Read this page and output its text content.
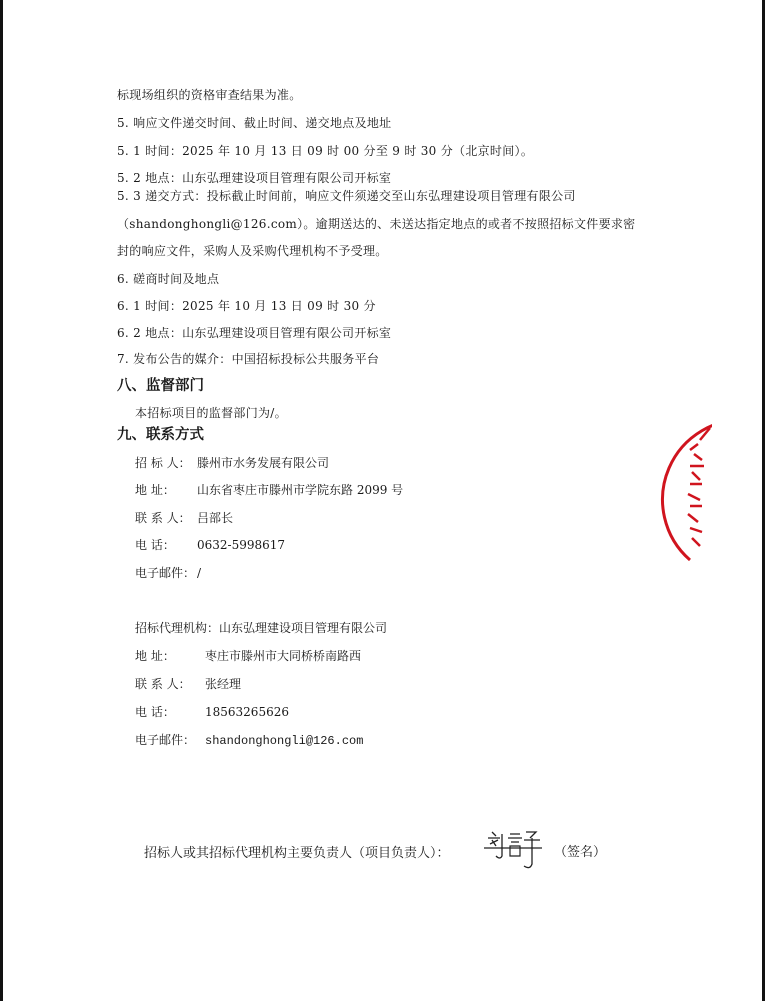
标现场组织的资格审查结果为准。
5. 响应文件递交时间、截止时间、递交地点及地址
5. 1 时间：2025 年 10 月 13 日 09 时 00 分至 9 时 30 分（北京时间）。
5. 2 地点：山东弘理建设项目管理有限公司开标室
5. 3 递交方式：投标截止时间前，响应文件须递交至山东弘理建设项目管理有限公司
（shandonghongli@126.com）。逾期送达的、未送达指定地点的或者不按照招标文件要求密
封的响应文件，采购人及采购代理机构不予受理。
6. 磋商时间及地点
6. 1 时间：2025 年 10 月 13 日 09 时 30 分
6. 2 地点：山东弘理建设项目管理有限公司开标室
7. 发布公告的媒介：中国招标投标公共服务平台
八、监督部门
本招标项目的监督部门为/。
九、联系方式
招 标 人： 滕州市水务发展有限公司
地 址： 山东省枣庄市滕州市学院东路 2099 号
联 系 人： 吕部长
电 话： 0632-5998617
电子邮件： /
招标代理机构：山东弘理建设项目管理有限公司
地 址：	枣庄市滕州市大同桥桥南路西
联 系 人： 张经理
电 话：	18563265626
电子邮件： shandonghongli@126.com
招标人或其招标代理机构主要负责人（项目负责人）：	（签名）
